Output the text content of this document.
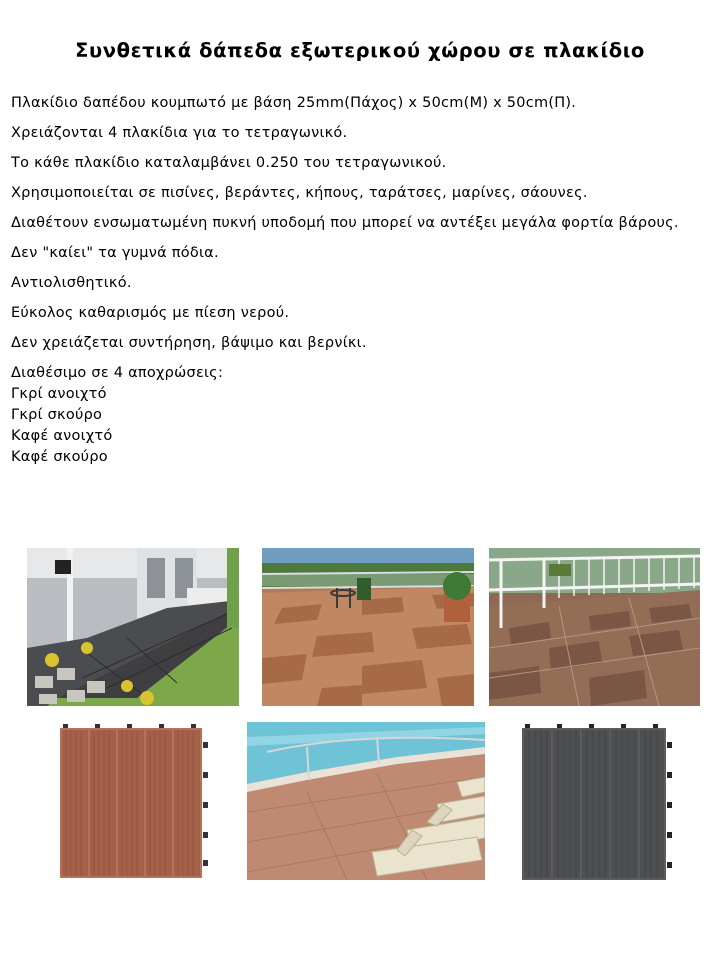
Συνθετικά δάπεδα εξωτερικού χώρου σε πλακίδιο

Πλακίδιο δαπέδου κουμπωτό με βάση 25mm(Πάχος) x 50cm(M) x 50cm(Π).

Χρειάζονται 4 πλακίδια για το τετραγωνικό.

Το κάθε πλακίδιο καταλαμβάνει 0.250 του τετραγωνικού.

Χρησιμοποιείται σε πισίνες, βεράντες, κήπους, ταράτσες, μαρίνες, σάουνες.

Διαθέτουν ενσωματωμένη πυκνή υποδομή που μπορεί να αντέξει μεγάλα φορτία βάρους.

Δεν "καίει" τα γυμνά πόδια.

Αντιολισθητικό.

Εύκολος καθαρισμός με πίεση νερού.

Δεν χρειάζεται συντήρηση, βάψιμο και βερνίκι.

Διαθέσιμο σε 4 αποχρώσεις:
Γκρί ανοιχτό
Γκρί σκούρο
Καφέ ανοιχτό
Καφέ σκούρο
